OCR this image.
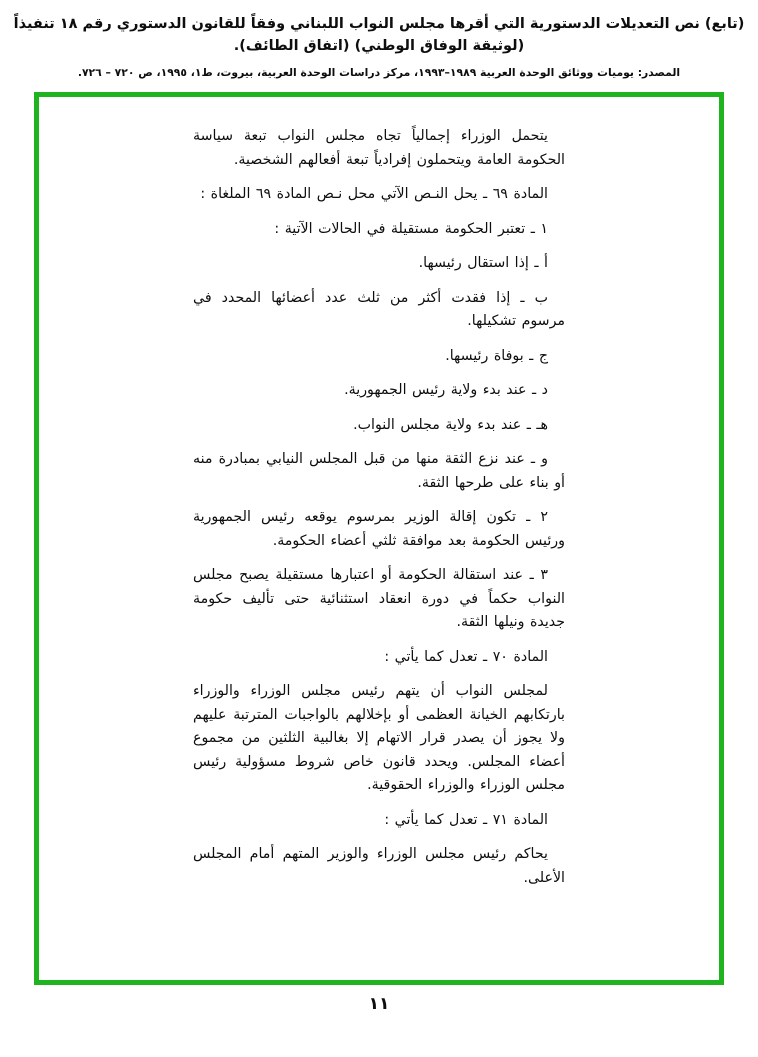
(تابع) نص التعديلات الدستورية التي أقرها مجلس النواب اللبناني وفقاً للقانون الدستوري رقم ١٨ تنفيذاً (لوثيقة الوفاق الوطني) (اتفاق الطائف).
المصدر: يوميات ووثائق الوحدة العربية ١٩٨٩–١٩٩٣، مركز دراسات الوحدة العربية، بيروت، ط١، ١٩٩٥، ص ٧٢٠ – ٧٢٦.

يتحمل الوزراء إجمالياً تجاه مجلس النواب تبعة سياسة الحكومة العامة ويتحملون إفرادياً تبعة أفعالهم الشخصية.

المادة ٦٩ ـ يحل النـص الآتي محل نـص المادة ٦٩ الملغاة :

١ ـ تعتبر الحكومة مستقيلة في الحالات الآتية :

أ ـ إذا استقال رئيسها.

ب ـ إذا فقدت أكثر من ثلث عدد أعضائها المحدد في مرسوم تشكيلها.

ج ـ بوفاة رئيسها.

د ـ عند بدء ولاية رئيس الجمهورية.

هـ ـ عند بدء ولاية مجلس النواب.

و ـ عند نزع الثقة منها من قبل المجلس النيابي بمبادرة منه أو بناء على طرحها الثقة.

٢ ـ تكون إقالة الوزير بمرسوم يوقعه رئيس الجمهورية ورئيس الحكومة بعد موافقة ثلثي أعضاء الحكومة.

٣ ـ عند استقالة الحكومة أو اعتبارها مستقيلة يصبح مجلس النواب حكماً في دورة انعقاد استثنائية حتى تأليف حكومة جديدة ونيلها الثقة.

المادة ٧٠ ـ تعدل كما يأتي :

لمجلس النواب أن يتهم رئيس مجلس الوزراء والوزراء بارتكابهم الخيانة العظمى أو بإخلالهم بالواجبات المترتبة عليهم ولا يجوز أن يصدر قرار الاتهام إلا بغالبية الثلثين من مجموع أعضاء المجلس. ويحدد قانون خاص شروط مسؤولية رئيس مجلس الوزراء والوزراء الحقوقية.

المادة ٧١ ـ تعدل كما يأتي :

يحاكم رئيس مجلس الوزراء والوزير المتهم أمام المجلس الأعلى.

١١
